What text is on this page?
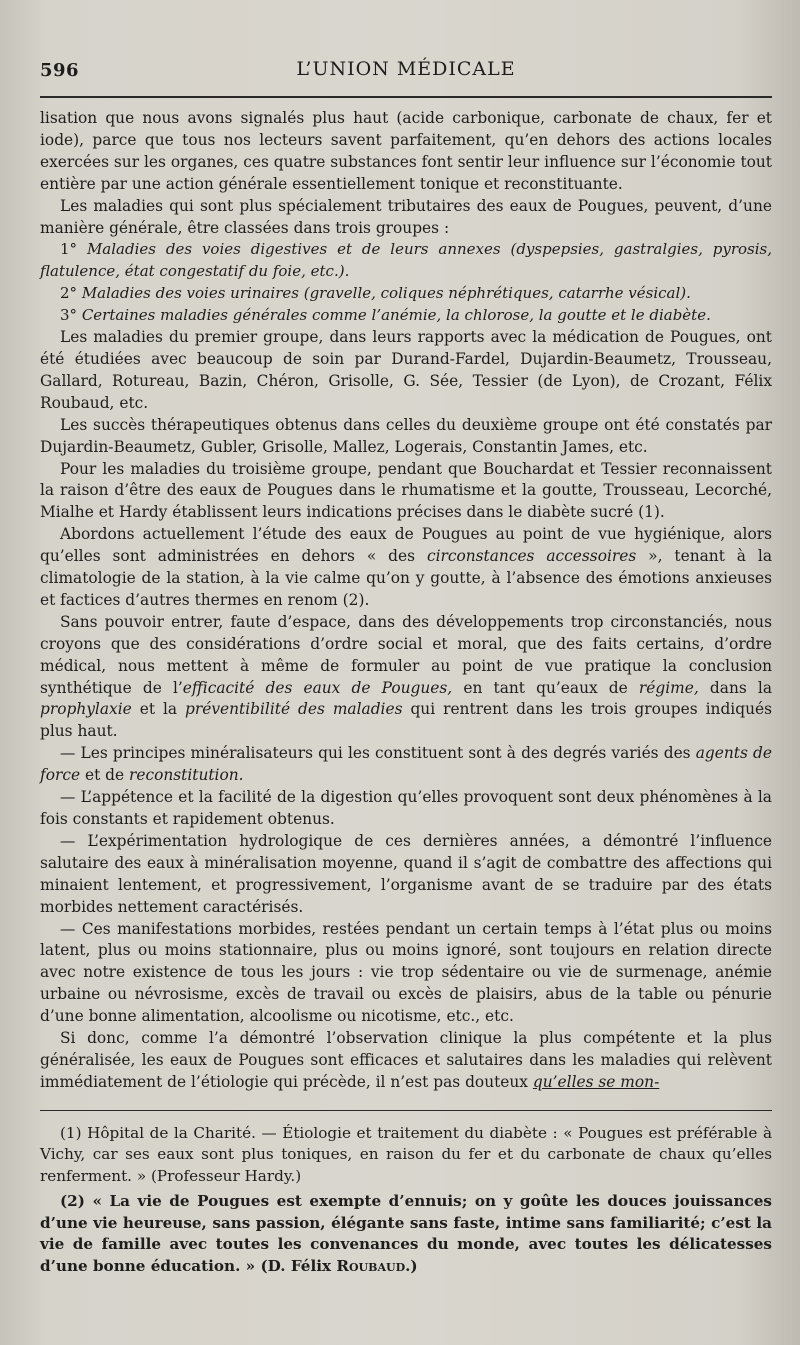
596	L’UNION MÉDICALE

lisation que nous avons signalés plus haut (acide carbonique, carbonate de chaux, fer et iode), parce que tous nos lecteurs savent parfaitement, qu’en dehors des actions locales exercées sur les organes, ces quatre substances font sentir leur influence sur l’économie tout entière par une action générale essentiellement tonique et reconstituante.

Les maladies qui sont plus spécialement tributaires des eaux de Pougues, peuvent, d’une manière générale, être classées dans trois groupes :

1° Maladies des voies digestives et de leurs annexes (dyspepsies, gastralgies, pyrosis, flatulence, état congestatif du foie, etc.).

2° Maladies des voies urinaires (gravelle, coliques néphrétiques, catarrhe vésical).

3° Certaines maladies générales comme l’anémie, la chlorose, la goutte et le diabète.

Les maladies du premier groupe, dans leurs rapports avec la médication de Pougues, ont été étudiées avec beaucoup de soin par Durand-Fardel, Dujardin-Beaumetz, Trousseau, Gallard, Rotureau, Bazin, Chéron, Grisolle, G. Sée, Tessier (de Lyon), de Crozant, Félix Roubaud, etc.

Les succès thérapeutiques obtenus dans celles du deuxième groupe ont été constatés par Dujardin-Beaumetz, Gubler, Grisolle, Mallez, Logerais, Constantin James, etc.

Pour les maladies du troisième groupe, pendant que Bouchardat et Tessier reconnaissent la raison d’être des eaux de Pougues dans le rhumatisme et la goutte, Trousseau, Lecorché, Mialhe et Hardy établissent leurs indications précises dans le diabète sucré (1).

Abordons actuellement l’étude des eaux de Pougues au point de vue hygiénique, alors qu’elles sont administrées en dehors « des circonstances accessoires », tenant à la climatologie de la station, à la vie calme qu’on y goutte, à l’absence des émotions anxieuses et factices d’autres thermes en renom (2).

Sans pouvoir entrer, faute d’espace, dans des développements trop circonstanciés, nous croyons que des considérations d’ordre social et moral, que des faits certains, d’ordre médical, nous mettent à même de formuler au point de vue pratique la conclusion synthétique de l’efficacité des eaux de Pougues, en tant qu’eaux de régime, dans la prophylaxie et la préventibilité des maladies qui rentrent dans les trois groupes indiqués plus haut.

— Les principes minéralisateurs qui les constituent sont à des degrés variés des agents de force et de reconstitution.

— L’appétence et la facilité de la digestion qu’elles provoquent sont deux phénomènes à la fois constants et rapidement obtenus.

— L’expérimentation hydrologique de ces dernières années, a démontré l’influence salutaire des eaux à minéralisation moyenne, quand il s’agit de combattre des affections qui minaient lentement, et progressivement, l’organisme avant de se traduire par des états morbides nettement caractérisés.

— Ces manifestations morbides, restées pendant un certain temps à l’état plus ou moins latent, plus ou moins stationnaire, plus ou moins ignoré, sont toujours en relation directe avec notre existence de tous les jours : vie trop sédentaire ou vie de surmenage, anémie urbaine ou névrosisme, excès de travail ou excès de plaisirs, abus de la table ou pénurie d’une bonne alimentation, alcoolisme ou nicotisme, etc., etc.

Si donc, comme l’a démontré l’observation clinique la plus compétente et la plus généralisée, les eaux de Pougues sont efficaces et salutaires dans les maladies qui relèvent immédiatement de l’étiologie qui précède, il n’est pas douteux qu’elles se mon-

(1) Hôpital de la Charité. — Étiologie et traitement du diabète : « Pougues est préférable à Vichy, car ses eaux sont plus toniques, en raison du fer et du carbonate de chaux qu’elles renferment. » (Professeur Hardy.)

(2) « La vie de Pougues est exempte d’ennuis; on y goûte les douces jouissances d’une vie heureuse, sans passion, élégante sans faste, intime sans familiarité; c’est la vie de famille avec toutes les convenances du monde, avec toutes les délicatesses d’une bonne éducation. » (D. Félix Roubaud.)
